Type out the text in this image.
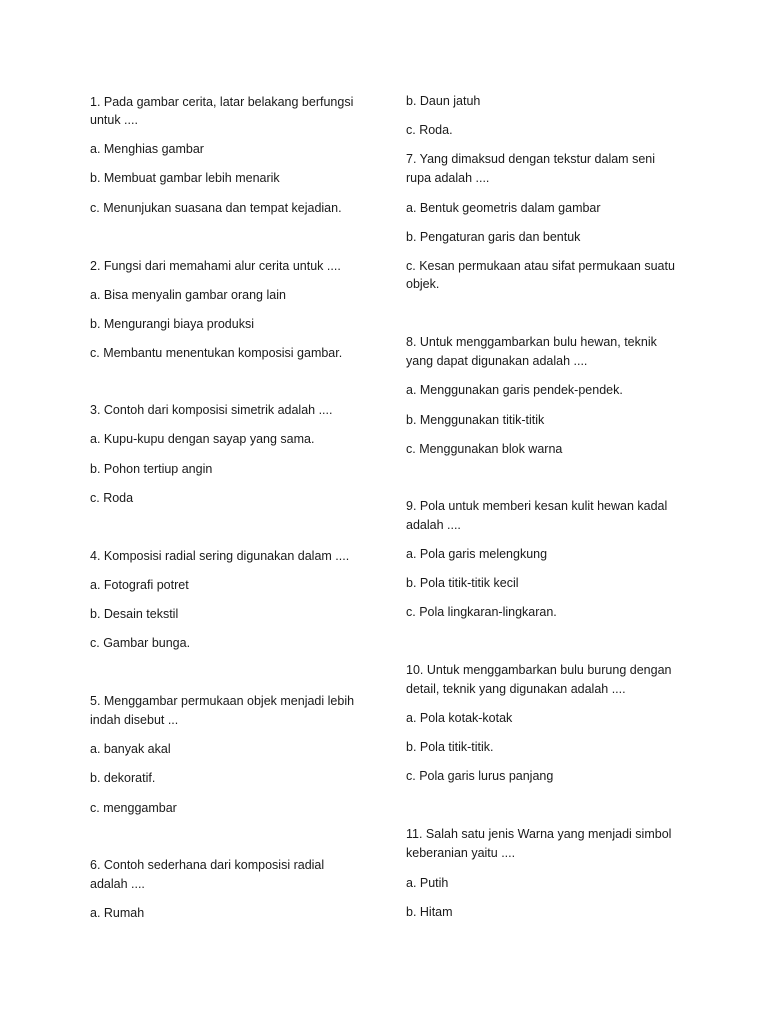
1. Pada gambar cerita, latar belakang berfungsi

untuk ....

a. Menghias gambar

b. Membuat gambar lebih menarik

c. Menunjukan suasana dan tempat kejadian.

2. Fungsi dari memahami alur cerita untuk ....

a. Bisa menyalin gambar orang lain

b. Mengurangi biaya produksi

c. Membantu menentukan komposisi gambar.

3. Contoh dari komposisi simetrik adalah ....

a. Kupu-kupu dengan sayap yang sama.

b. Pohon tertiup angin

c. Roda

4. Komposisi radial sering digunakan dalam ....

a. Fotografi potret

b. Desain tekstil

c. Gambar bunga.

5. Menggambar permukaan objek menjadi lebih

indah disebut ...

a. banyak akal

b. dekoratif.

c. menggambar

6. Contoh sederhana dari komposisi radial

adalah ....

a. Rumah

b. Daun jatuh

c. Roda.

7. Yang dimaksud dengan tekstur dalam seni

rupa adalah ....

a. Bentuk geometris dalam gambar

b. Pengaturan garis dan bentuk

c. Kesan permukaan atau sifat permukaan suatu

objek.

8. Untuk menggambarkan bulu hewan, teknik

yang dapat digunakan adalah ....

a. Menggunakan garis pendek-pendek.

b. Menggunakan titik-titik

c. Menggunakan blok warna

9. Pola untuk memberi kesan kulit hewan kadal

adalah ....

a. Pola garis melengkung

b. Pola titik-titik kecil

c. Pola lingkaran-lingkaran.

10. Untuk menggambarkan bulu burung dengan

detail, teknik yang digunakan adalah ....

a. Pola kotak-kotak

b. Pola titik-titik.

c. Pola garis lurus panjang

11. Salah satu jenis Warna yang menjadi simbol

keberanian yaitu ....

a. Putih

b. Hitam
